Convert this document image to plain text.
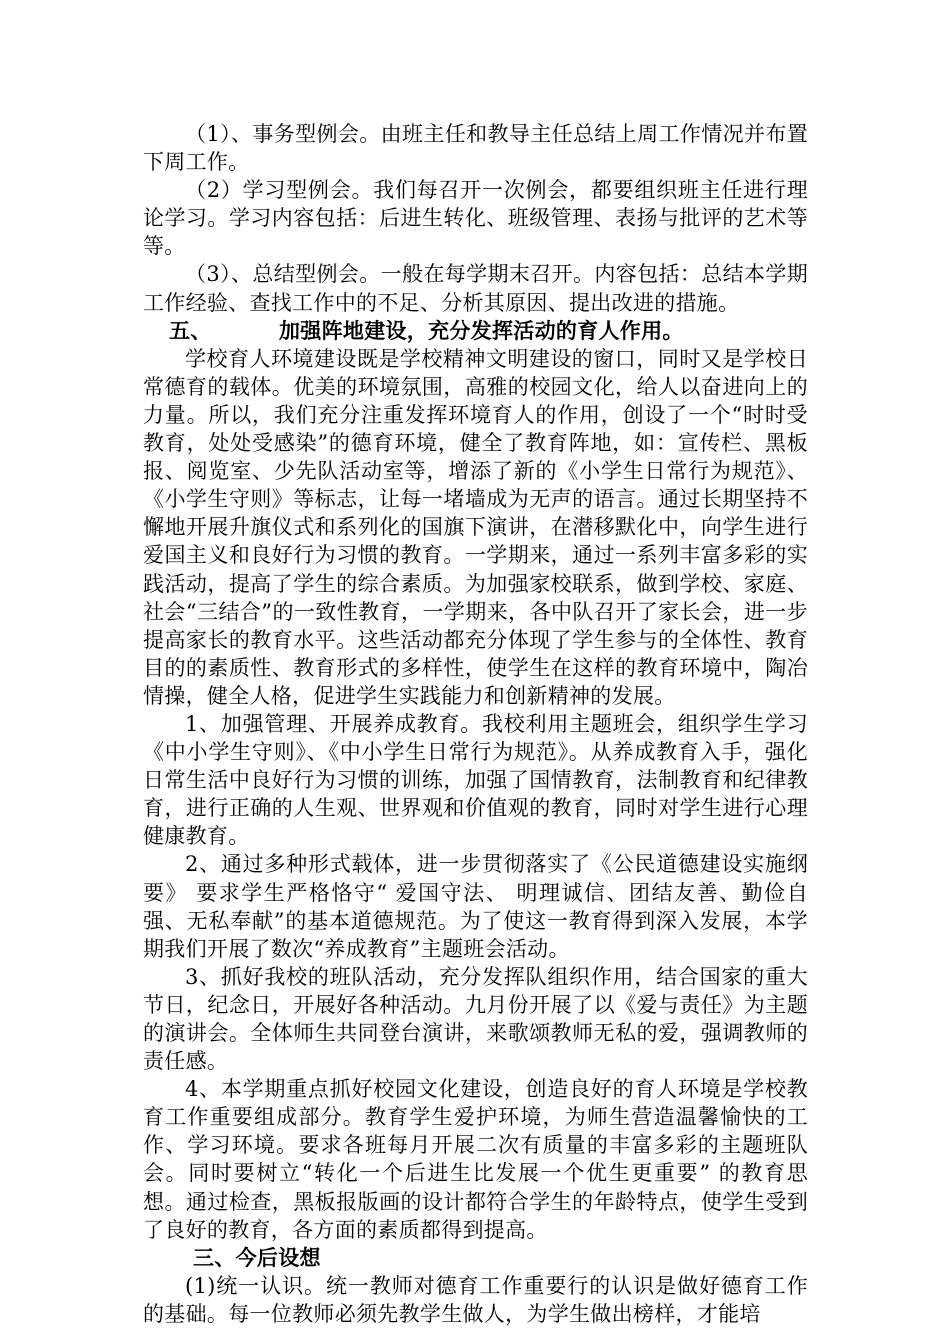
（1）、事务型例会。由班主任和教导主任总结上周工作情况并布置下周工作。

（2）学习型例会。我们每召开一次例会，都要组织班主任进行理论学习。学习内容包括：后进生转化、班级管理、表扬与批评的艺术等等。

（3）、总结型例会。一般在每学期末召开。内容包括：总结本学期工作经验、查找工作中的不足、分析其原因、提出改进的措施。

五、	加强阵地建设，充分发挥活动的育人作用。

学校育人环境建设既是学校精神文明建设的窗口，同时又是学校日常德育的载体。优美的环境氛围，高雅的校园文化，给人以奋进向上的力量。所以，我们充分注重发挥环境育人的作用，创设了一个“时时受教育，处处受感染”的德育环境，健全了教育阵地，如：宣传栏、黑板报、阅览室、少先队活动室等，增添了新的《小学生日常行为规范》、《小学生守则》等标志，让每一堵墙成为无声的语言。通过长期坚持不懈地开展升旗仪式和系列化的国旗下演讲，在潜移默化中，向学生进行爱国主义和良好行为习惯的教育。一学期来，通过一系列丰富多彩的实践活动，提高了学生的综合素质。为加强家校联系，做到学校、家庭、社会“三结合”的一致性教育，一学期来，各中队召开了家长会，进一步提高家长的教育水平。这些活动都充分体现了学生参与的全体性、教育目的的素质性、教育形式的多样性，使学生在这样的教育环境中，陶冶情操，健全人格，促进学生实践能力和创新精神的发展。

1、加强管理、开展养成教育。我校利用主题班会，组织学生学习《中小学生守则》、《中小学生日常行为规范》。从养成教育入手，强化日常生活中良好行为习惯的训练，加强了国情教育，法制教育和纪律教育，进行正确的人生观、世界观和价值观的教育，同时对学生进行心理健康教育。

2、通过多种形式载体，进一步贯彻落实了《公民道德建设实施纲要》 要求学生严格恪守“ 爱国守法、 明理诚信、团结友善、勤俭自强、无私奉献”的基本道德规范。为了使这一教育得到深入发展，本学期我们开展了数次“养成教育”主题班会活动。

3、抓好我校的班队活动，充分发挥队组织作用，结合国家的重大节日，纪念日，开展好各种活动。九月份开展了以《爱与责任》为主题的演讲会。全体师生共同登台演讲，来歌颂教师无私的爱，强调教师的责任感。

4、本学期重点抓好校园文化建设，创造良好的育人环境是学校教育工作重要组成部分。教育学生爱护环境，为师生营造温馨愉快的工作、学习环境。要求各班每月开展二次有质量的丰富多彩的主题班队会。同时要树立“转化一个后进生比发展一个优生更重要” 的教育思想。通过检查，黑板报版画的设计都符合学生的年龄特点，使学生受到了良好的教育，各方面的素质都得到提高。

三、今后设想

(1)统一认识。统一教师对德育工作重要行的认识是做好德育工作的基础。每一位教师必须先教学生做人，为学生做出榜样，才能培
